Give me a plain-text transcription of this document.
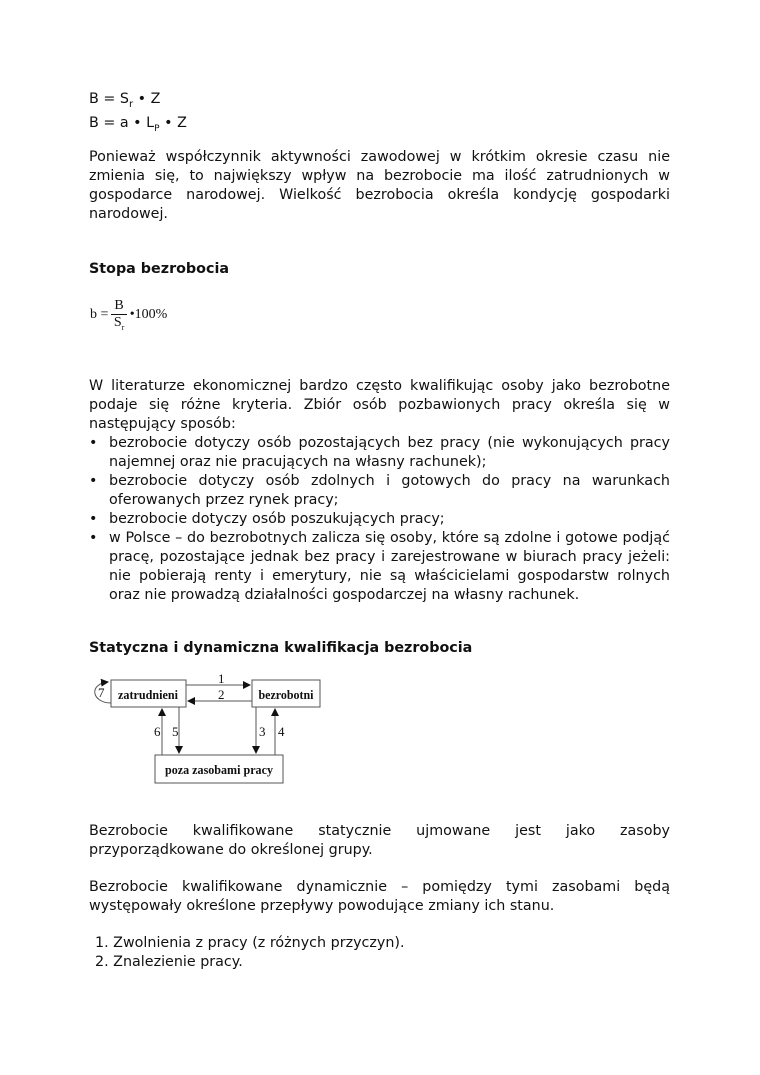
$B = S_r$ • Z
B = a • $L_P$ • Z
Ponieważ współczynnik aktywności zawodowej w krótkim okresie czasu nie zmienia się, to największy wpływ na bezrobocie ma ilość zatrudnionych w gospodarce narodowej. Wielkość bezrobocia określa kondycję gospodarki narodowej.
Stopa bezrobocia
$b = \frac{B}{S_r}$ •100%
W literaturze ekonomicznej bardzo często kwalifikując osoby jako bezrobotne podaje się różne kryteria. Zbiór osób pozbawionych pracy określa się w następujący sposób:
• bezrobocie dotyczy osób pozostających bez pracy (nie wykonujących pracy najemnej oraz nie pracujących na własny rachunek);
• bezrobocie dotyczy osób zdolnych i gotowych do pracy na warunkach oferowanych przez rynek pracy;
• bezrobocie dotyczy osób poszukujących pracy;
• w Polsce – do bezrobotnych zalicza się osoby, które są zdolne i gotowe podjąć pracę, pozostające jednak bez pracy i zarejestrowane w biurach pracy jeżeli: nie pobierają renty i emerytury, nie są właścicielami gospodarstw rolnych oraz nie prowadzą działalności gospodarczej na własny rachunek.
Statyczna i dynamiczna kwalifikacja bezrobocia
zatrudnieni	bezrobotni
poza zasobami pracy
1
2
3 4
5
6
7
Bezrobocie kwalifikowane statycznie ujmowane jest jako zasoby przyporządkowane do określonej grupy.
Bezrobocie kwalifikowane dynamicznie – pomiędzy tymi zasobami będą występowały określone przepływy powodujące zmiany ich stanu.
1. Zwolnienia z pracy (z różnych przyczyn).
2. Znalezienie pracy.
